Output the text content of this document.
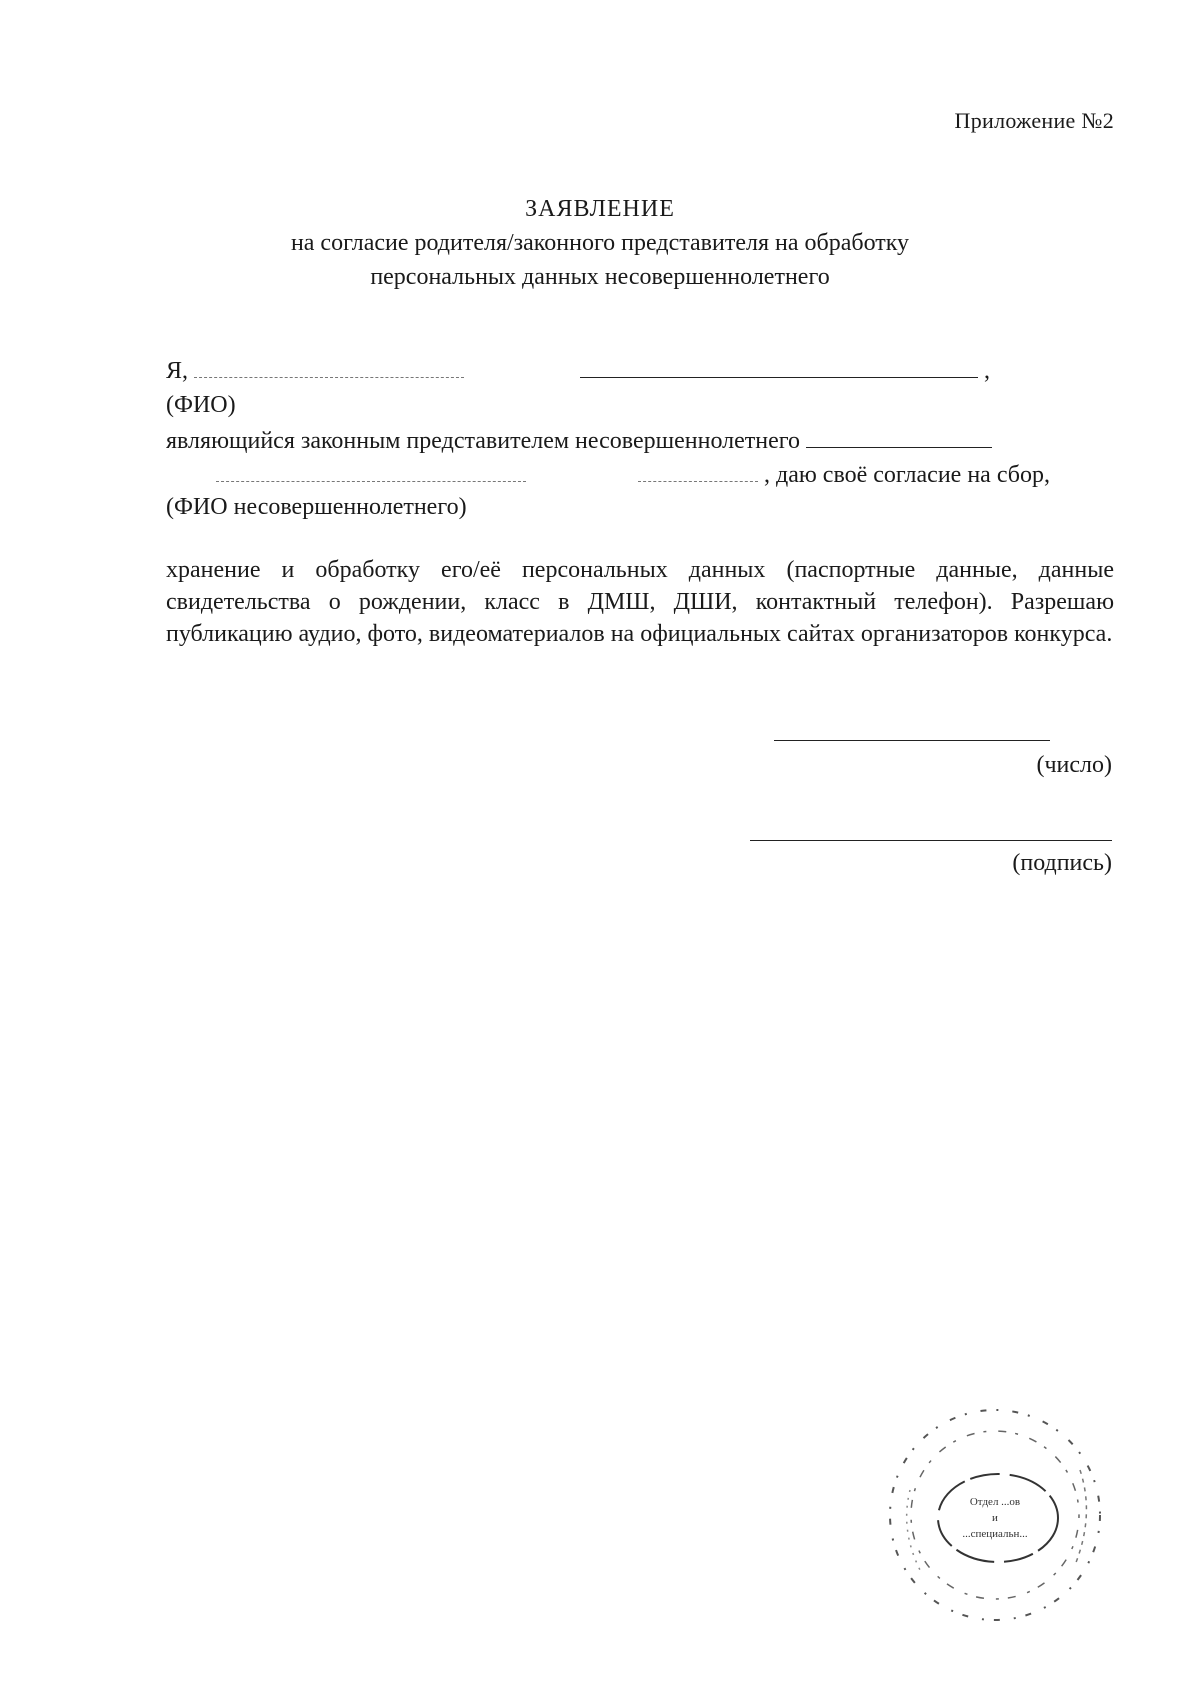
Приложение №2
ЗАЯВЛЕНИЕ
на согласие родителя/законного представителя на обработку
персональных данных несовершеннолетнего
Я,	,
(ФИО)
являющийся законным представителем несовершеннолетнего
, даю своё согласие на сбор,
(ФИО несовершеннолетнего)
хранение и обработку его/её персональных данных (паспортные данные, данные свидетельства о рождении, класс в ДМШ, ДШИ, контактный телефон). Разрешаю публикацию аудио, фото, видеоматериалов на официальных сайтах организаторов конкурса.
(число)
(подпись)
Отдел ...ов
и
...специальн...
